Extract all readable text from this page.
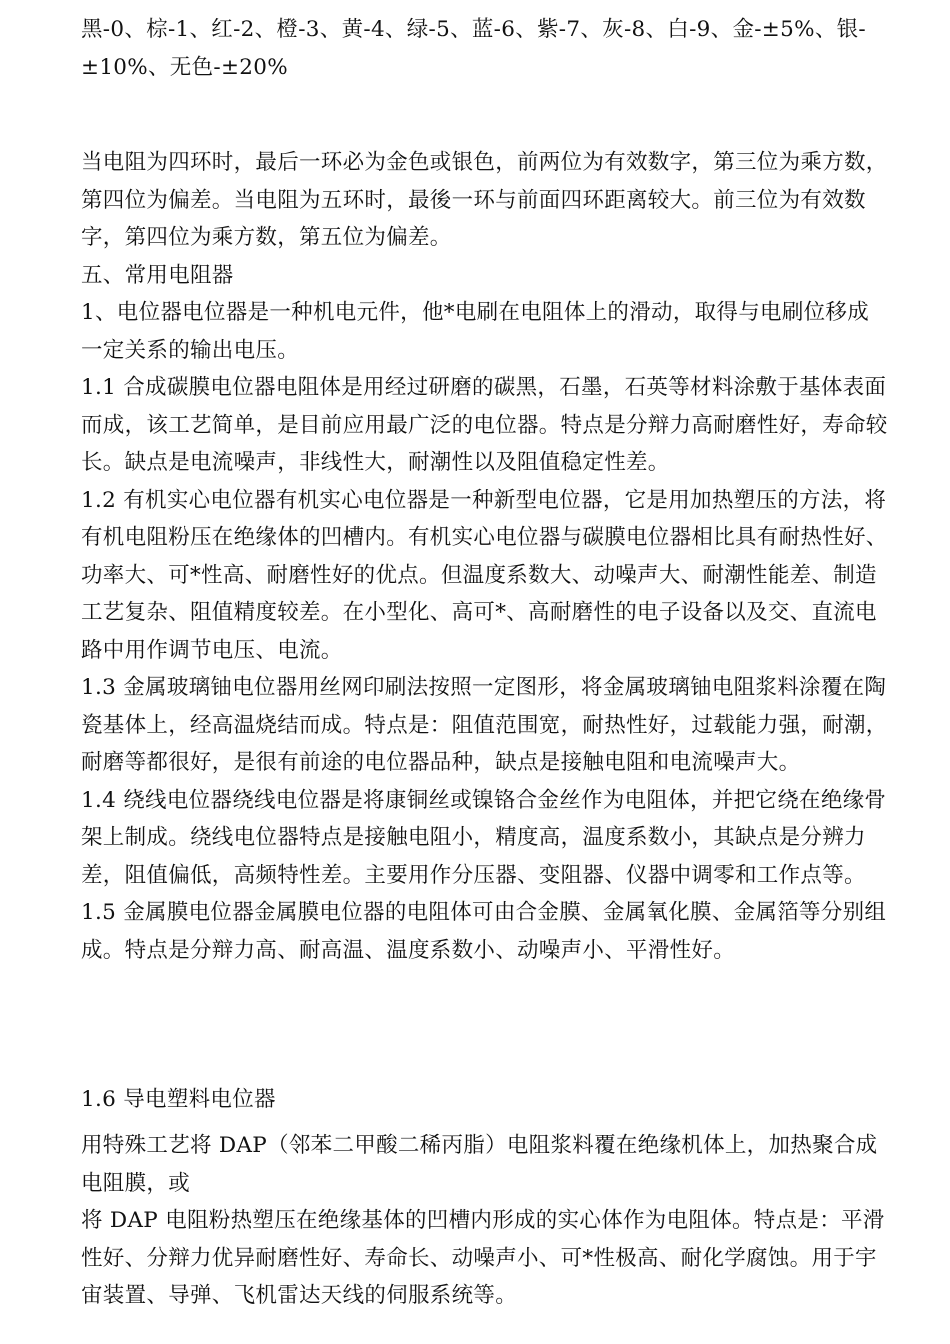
黑-0、棕-1、红-2、橙-3、黄-4、绿-5、蓝-6、紫-7、灰-8、白-9、金-±5%、银-±10%、无色-±20%

当电阻为四环时，最后一环必为金色或银色，前两位为有效数字，第三位为乘方数，第四位为偏差。当电阻为五环时，最後一环与前面四环距离较大。前三位为有效数字，第四位为乘方数，第五位为偏差。

五、常用电阻器

1、电位器电位器是一种机电元件，他*电刷在电阻体上的滑动，取得与电刷位移成一定关系的输出电压。

1.1 合成碳膜电位器电阻体是用经过研磨的碳黑，石墨，石英等材料涂敷于基体表面而成，该工艺简单，是目前应用最广泛的电位器。特点是分辩力高耐磨性好，寿命较长。缺点是电流噪声，非线性大，耐潮性以及阻值稳定性差。

1.2 有机实心电位器有机实心电位器是一种新型电位器，它是用加热塑压的方法，将有机电阻粉压在绝缘体的凹槽内。有机实心电位器与碳膜电位器相比具有耐热性好、功率大、可*性高、耐磨性好的优点。但温度系数大、动噪声大、耐潮性能差、制造工艺复杂、阻值精度较差。在小型化、高可*、高耐磨性的电子设备以及交、直流电路中用作调节电压、电流。

1.3 金属玻璃铀电位器用丝网印刷法按照一定图形，将金属玻璃铀电阻浆料涂覆在陶瓷基体上，经高温烧结而成。特点是：阻值范围宽，耐热性好，过载能力强，耐潮，耐磨等都很好，是很有前途的电位器品种，缺点是接触电阻和电流噪声大。

1.4 绕线电位器绕线电位器是将康铜丝或镍铬合金丝作为电阻体，并把它绕在绝缘骨架上制成。绕线电位器特点是接触电阻小，精度高，温度系数小，其缺点是分辨力差，阻值偏低，高频特性差。主要用作分压器、变阻器、仪器中调零和工作点等。

1.5 金属膜电位器金属膜电位器的电阻体可由合金膜、金属氧化膜、金属箔等分别组成。特点是分辩力高、耐高温、温度系数小、动噪声小、平滑性好。

1.6 导电塑料电位器

用特殊工艺将 DAP（邻苯二甲酸二稀丙脂）电阻浆料覆在绝缘机体上，加热聚合成电阻膜，或

将 DAP 电阻粉热塑压在绝缘基体的凹槽内形成的实心体作为电阻体。特点是：平滑性好、分辩力优异耐磨性好、寿命长、动噪声小、可*性极高、耐化学腐蚀。用于宇宙装置、导弹、飞机雷达天线的伺服系统等。
